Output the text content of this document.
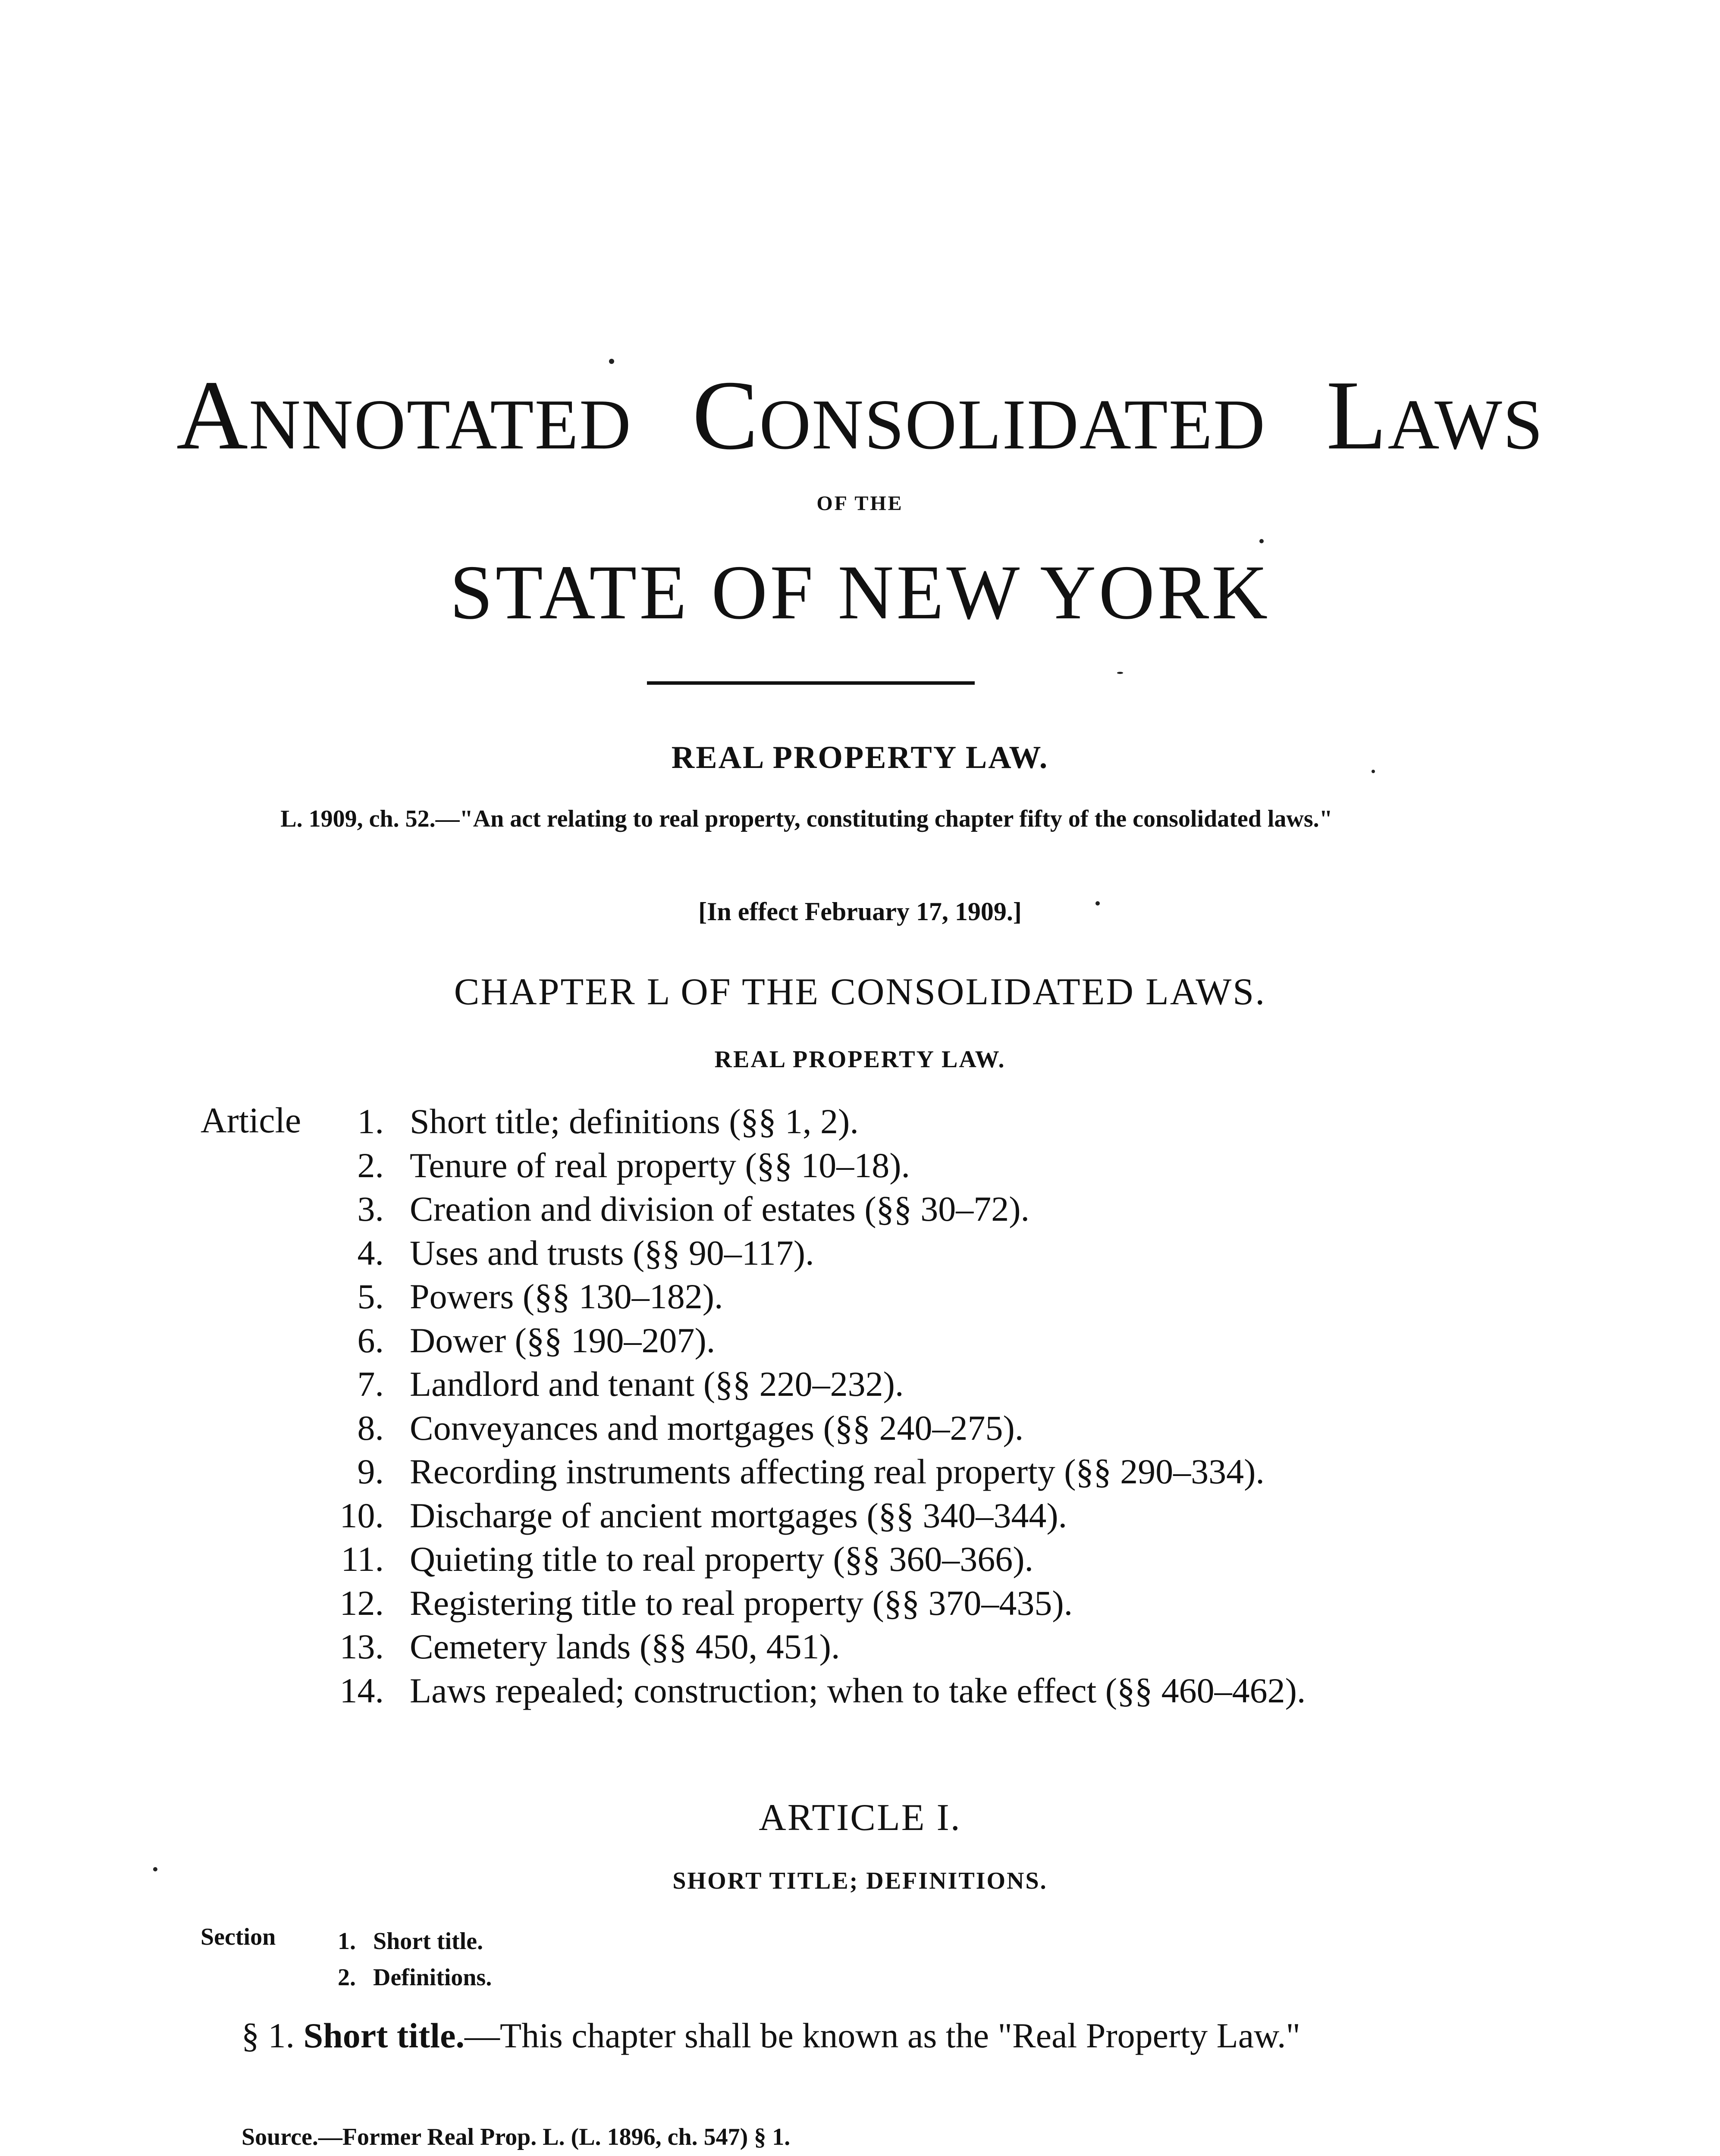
ANNOTATED CONSOLIDATED LAWS
OF THE
STATE OF NEW YORK
REAL PROPERTY LAW.
L. 1909, ch. 52.—"An act relating to real property, constituting chapter fifty of the consolidated laws."
[In effect February 17, 1909.]
CHAPTER L OF THE CONSOLIDATED LAWS.
REAL PROPERTY LAW.
Article	1. Short title; definitions (§§ 1, 2).
2. Tenure of real property (§§ 10–18).
3. Creation and division of estates (§§ 30–72).
4. Uses and trusts (§§ 90–117).
5. Powers (§§ 130–182).
6. Dower (§§ 190–207).
7. Landlord and tenant (§§ 220–232).
8. Conveyances and mortgages (§§ 240–275).
9. Recording instruments affecting real property (§§ 290–334).
10. Discharge of ancient mortgages (§§ 340–344).
11. Quieting title to real property (§§ 360–366).
12. Registering title to real property (§§ 370–435).
13. Cemetery lands (§§ 450, 451).
14. Laws repealed; construction; when to take effect (§§ 460–462).
ARTICLE I.
SHORT TITLE; DEFINITIONS.
Section	1. Short title.
2. Definitions.
§ 1. Short title.—This chapter shall be known as the "Real Property Law."
Source.—Former Real Prop. L. (L. 1896, ch. 547) § 1.
